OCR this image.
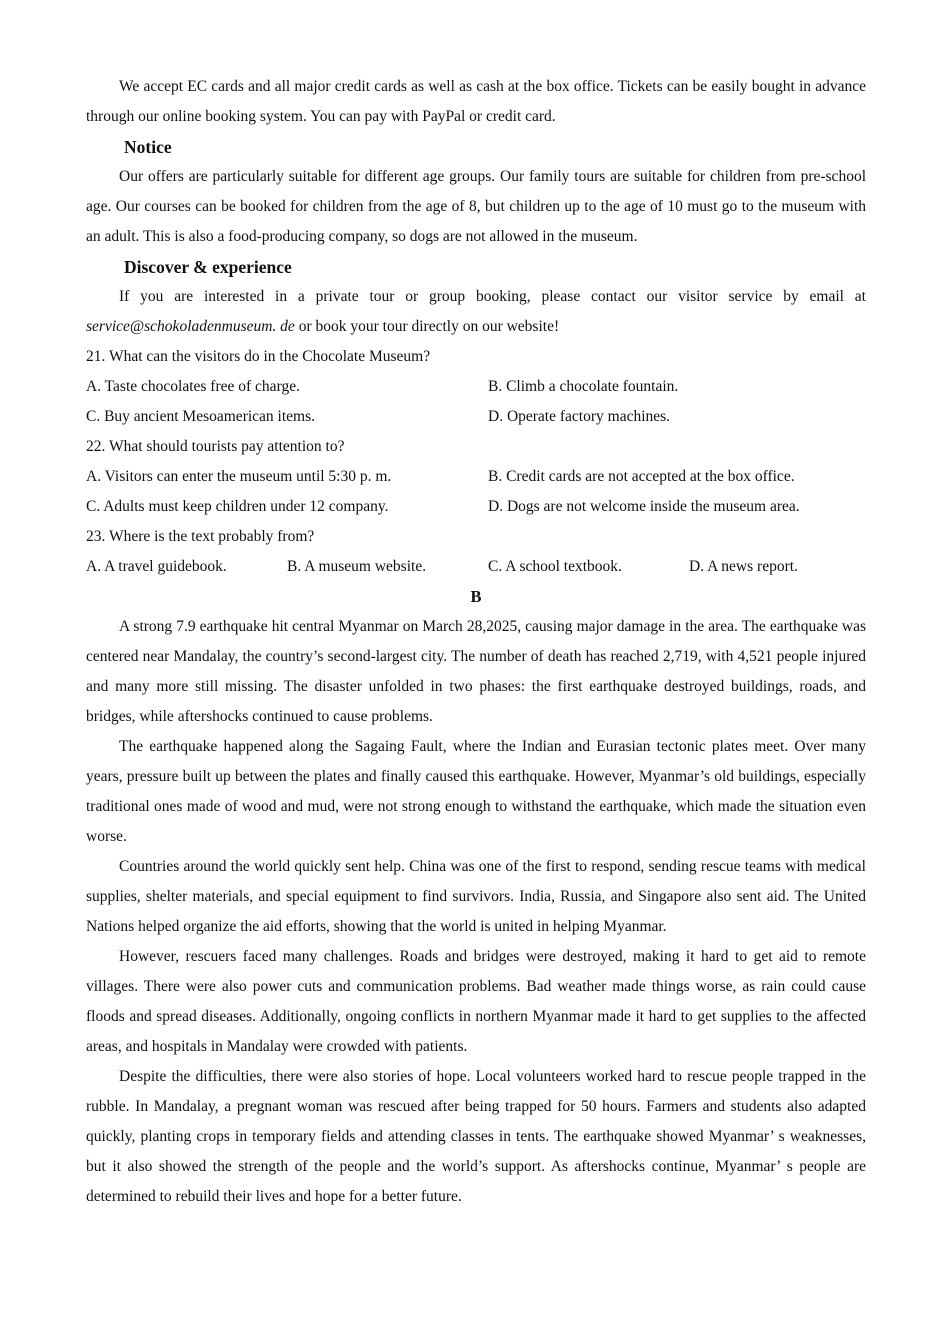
We accept EC cards and all major credit cards as well as cash at the box office. Tickets can be easily bought in advance through our online booking system. You can pay with PayPal or credit card.

Notice

Our offers are particularly suitable for different age groups. Our family tours are suitable for children from pre-school age. Our courses can be booked for children from the age of 8, but children up to the age of 10 must go to the museum with an adult. This is also a food-producing company, so dogs are not allowed in the museum.

Discover & experience

If you are interested in a private tour or group booking, please contact our visitor service by email at service@schokoladenmuseum. de or book your tour directly on our website!

21. What can the visitors do in the Chocolate Museum?

A. Taste chocolates free of charge.	B. Climb a chocolate fountain.
C. Buy ancient Mesoamerican items.	D. Operate factory machines.

22. What should tourists pay attention to?

A. Visitors can enter the museum until 5:30 p. m.	B. Credit cards are not accepted at the box office.
C. Adults must keep children under 12 company.	D. Dogs are not welcome inside the museum area.

23. Where is the text probably from?

A. A travel guidebook.	B. A museum website.	C. A school textbook.	D. A news report.

B

A strong 7.9 earthquake hit central Myanmar on March 28,2025, causing major damage in the area. The earthquake was centered near Mandalay, the country’s second-largest city. The number of death has reached 2,719, with 4,521 people injured and many more still missing. The disaster unfolded in two phases: the first earthquake destroyed buildings, roads, and bridges, while aftershocks continued to cause problems.

The earthquake happened along the Sagaing Fault, where the Indian and Eurasian tectonic plates meet. Over many years, pressure built up between the plates and finally caused this earthquake. However, Myanmar’s old buildings, especially traditional ones made of wood and mud, were not strong enough to withstand the earthquake, which made the situation even worse.

Countries around the world quickly sent help. China was one of the first to respond, sending rescue teams with medical supplies, shelter materials, and special equipment to find survivors. India, Russia, and Singapore also sent aid. The United Nations helped organize the aid efforts, showing that the world is united in helping Myanmar.

However, rescuers faced many challenges. Roads and bridges were destroyed, making it hard to get aid to remote villages. There were also power cuts and communication problems. Bad weather made things worse, as rain could cause floods and spread diseases. Additionally, ongoing conflicts in northern Myanmar made it hard to get supplies to the affected areas, and hospitals in Mandalay were crowded with patients.

Despite the difficulties, there were also stories of hope. Local volunteers worked hard to rescue people trapped in the rubble. In Mandalay, a pregnant woman was rescued after being trapped for 50 hours. Farmers and students also adapted quickly, planting crops in temporary fields and attending classes in tents. The earthquake showed Myanmar’ s weaknesses, but it also showed the strength of the people and the world’s support. As aftershocks continue, Myanmar’ s people are determined to rebuild their lives and hope for a better future.
